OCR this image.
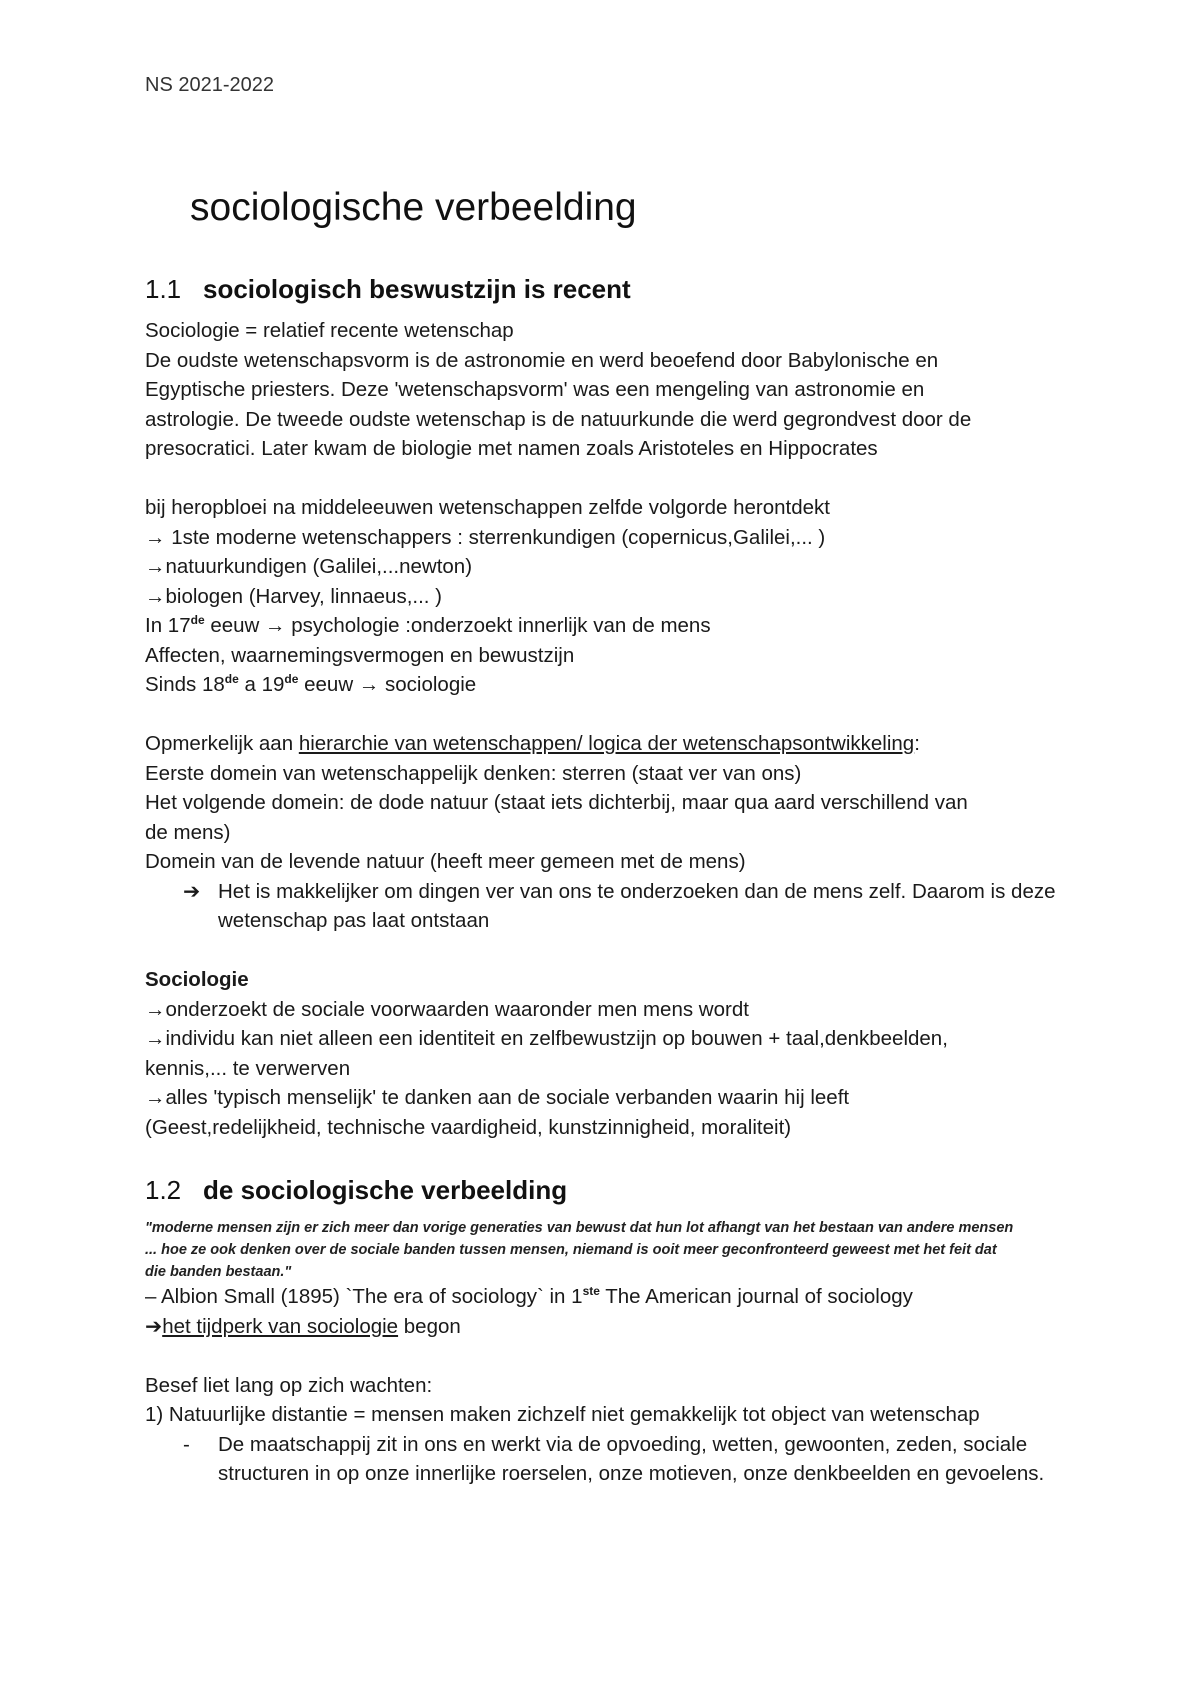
NS 2021-2022
sociologische verbeelding
1.1 sociologisch beswustzijn is recent
Sociologie = relatief recente wetenschap
De oudste wetenschapsvorm is de astronomie en werd beoefend door Babylonische en
Egyptische priesters. Deze 'wetenschapsvorm' was een mengeling van astronomie en
astrologie. De tweede oudste wetenschap is de natuurkunde die werd gegrondvest door de
presocratici. Later kwam de biologie met namen zoals Aristoteles en Hippocrates
bij heropbloei na middeleeuwen wetenschappen zelfde volgorde herontdekt
→ 1ste moderne wetenschappers : sterrenkundigen (copernicus,Galilei,... )
→natuurkundigen (Galilei,...newton)
→biologen (Harvey, linnaeus,... )
In 17de eeuw → psychologie :onderzoekt innerlijk van de mens
Affecten, waarnemingsvermogen en bewustzijn
Sinds 18de a 19de eeuw → sociologie
Opmerkelijk aan hierarchie van wetenschappen/ logica der wetenschapsontwikkeling:
Eerste domein van wetenschappelijk denken: sterren (staat ver van ons)
Het volgende domein: de dode natuur (staat iets dichterbij, maar qua aard verschillend van
de mens)
Domein van de levende natuur (heeft meer gemeen met de mens)
➔ Het is makkelijker om dingen ver van ons te onderzoeken dan de mens zelf. Daarom is deze wetenschap pas laat ontstaan
Sociologie
→onderzoekt de sociale voorwaarden waaronder men mens wordt
→individu kan niet alleen een identiteit en zelfbewustzijn op bouwen + taal,denkbeelden,
kennis,... te verwerven
→alles 'typisch menselijk' te danken aan de sociale verbanden waarin hij leeft
(Geest,redelijkheid, technische vaardigheid, kunstzinnigheid, moraliteit)
1.2 de sociologische verbeelding
"moderne mensen zijn er zich meer dan vorige generaties van bewust dat hun lot afhangt van het bestaan van andere mensen
... hoe ze ook denken over de sociale banden tussen mensen, niemand is ooit meer geconfronteerd geweest met het feit dat
die banden bestaan."
– Albion Small (1895) `The era of sociology` in 1ste The American journal of sociology
➔het tijdperk van sociologie begon
Besef liet lang op zich wachten:
1) Natuurlijke distantie = mensen maken zichzelf niet gemakkelijk tot object van wetenschap
- De maatschappij zit in ons en werkt via de opvoeding, wetten, gewoonten, zeden, sociale structuren in op onze innerlijke roerselen, onze motieven, onze denkbeelden en gevoelens.
